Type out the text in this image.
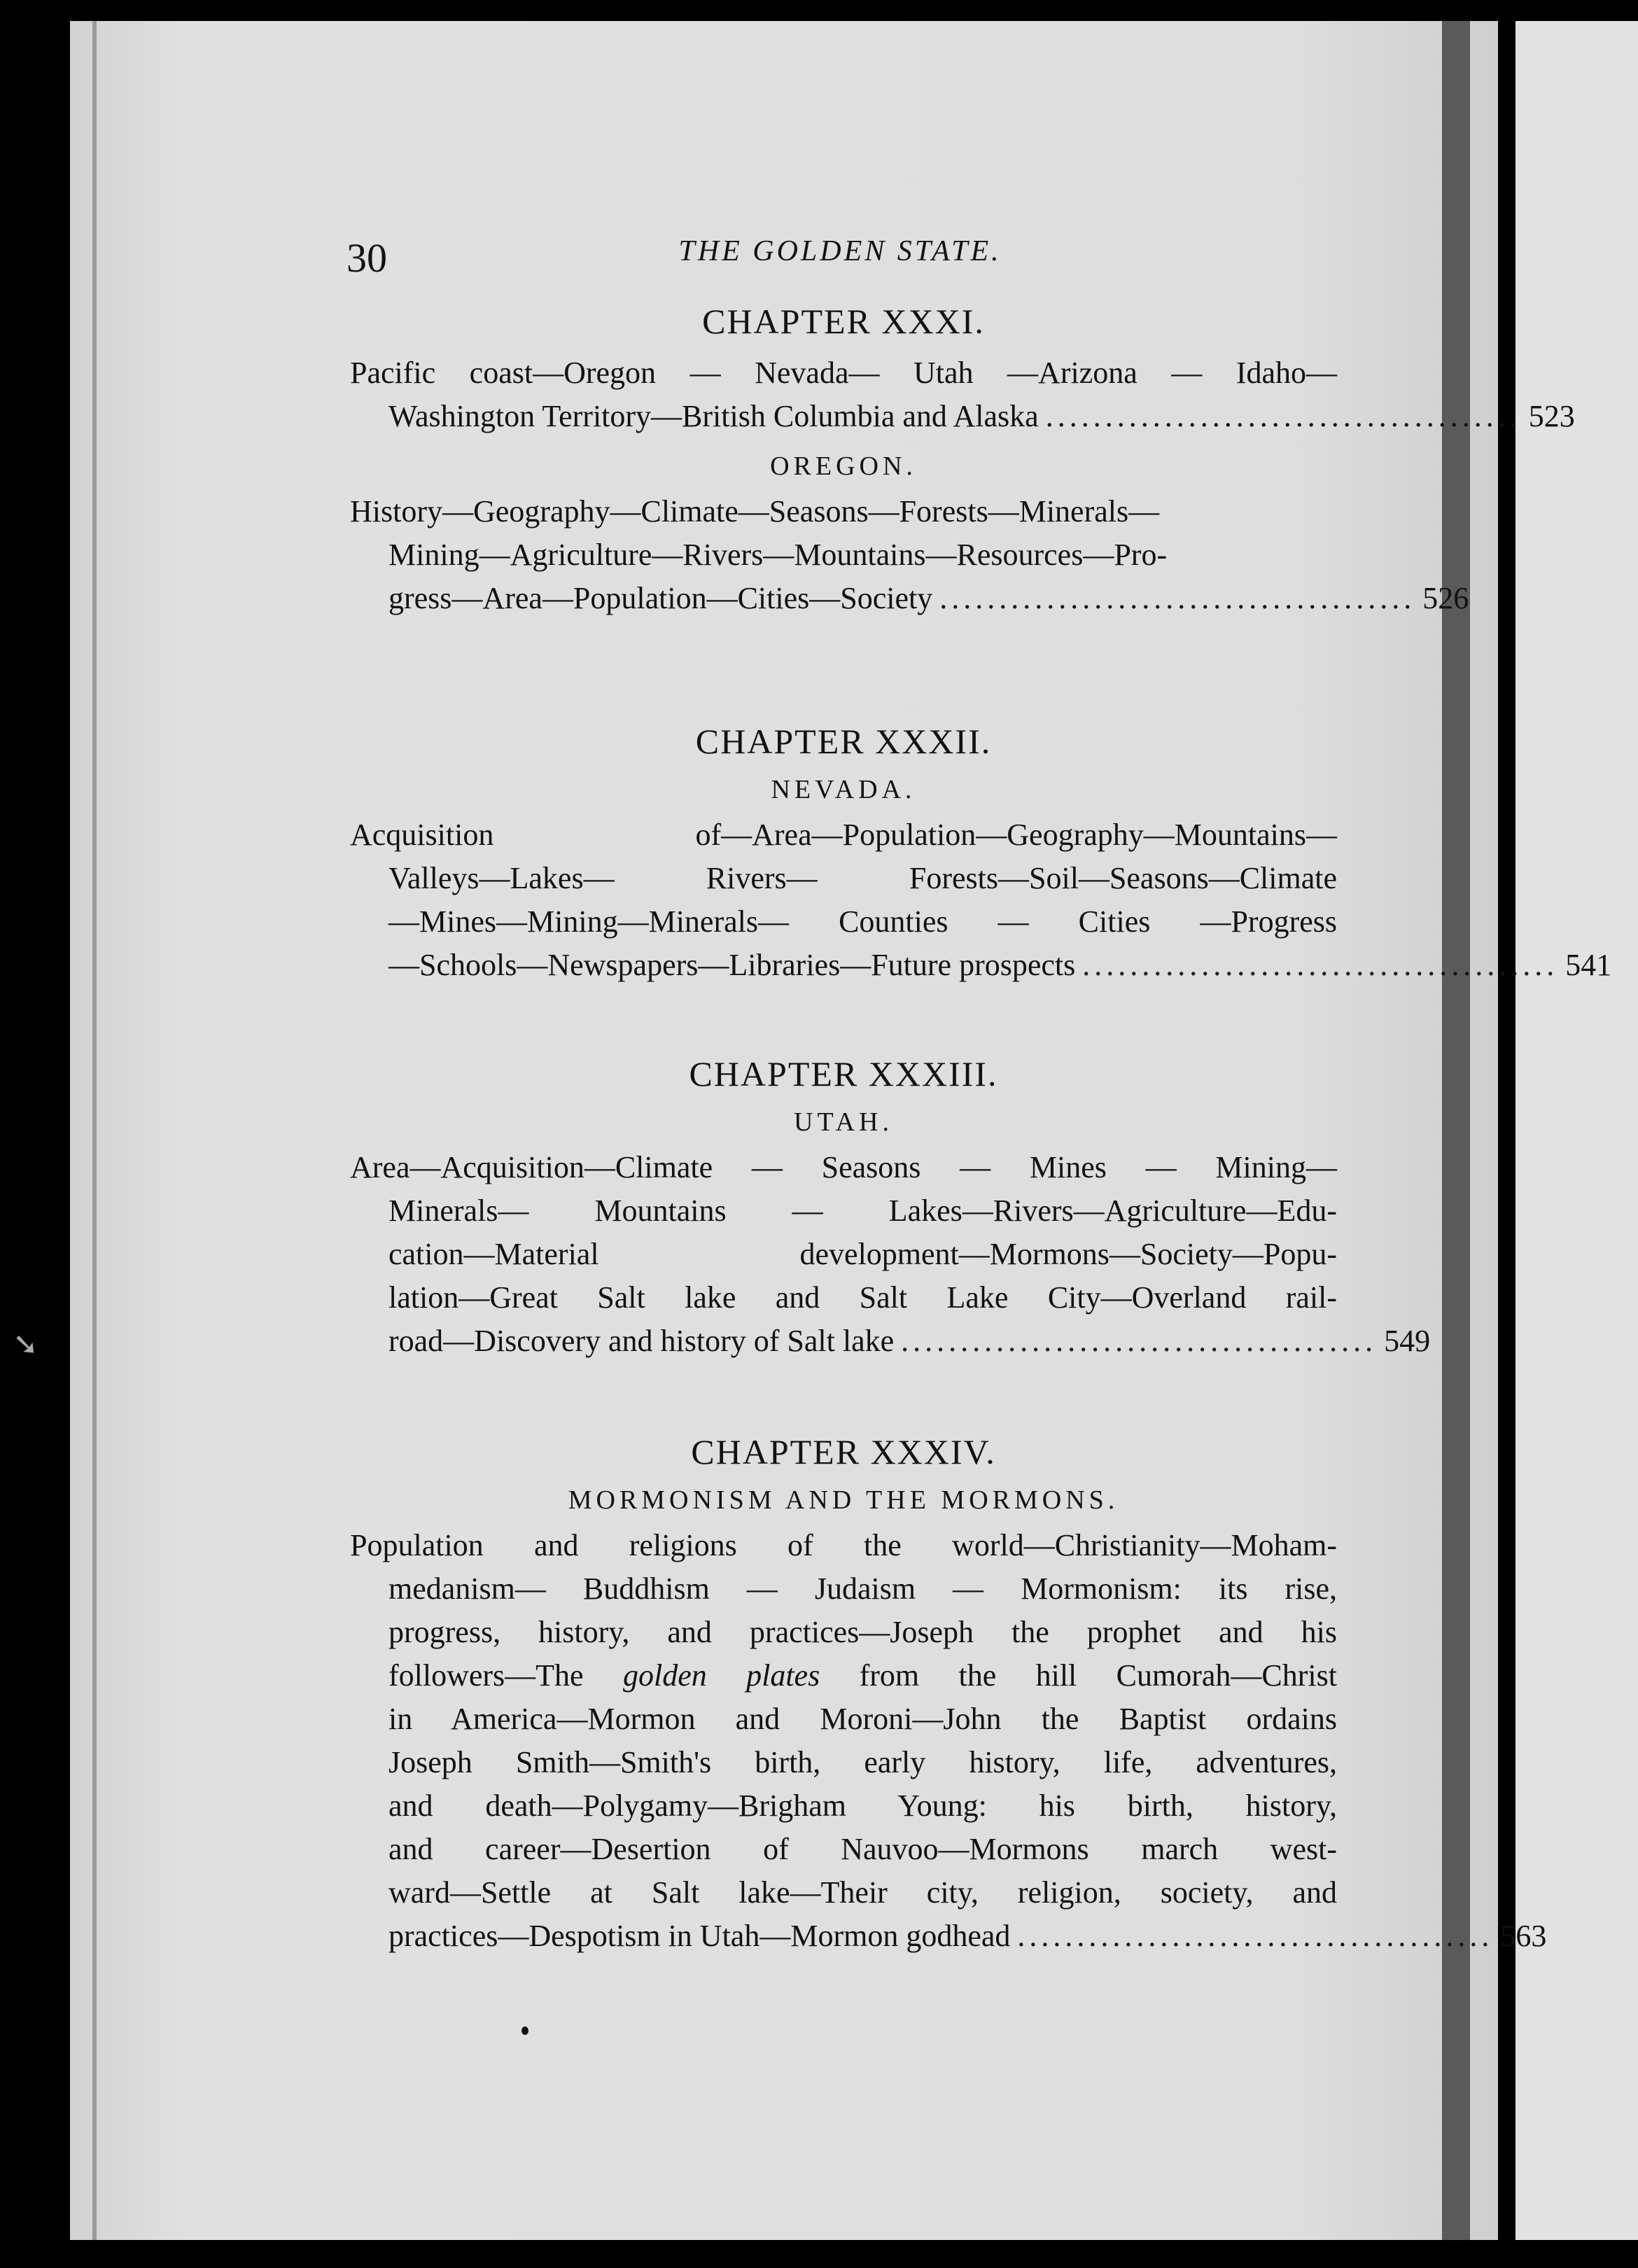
➘
30	THE GOLDEN STATE.
CHAPTER XXXI.
Pacific coast—Oregon — Nevada— Utah —Arizona — Idaho—
Washington Territory—British Columbia and Alaska ........................................ 523
OREGON.
History—Geography—Climate—Seasons—Forests—Minerals—
Mining—Agriculture—Rivers—Mountains—Resources—Pro-
gress—Area—Population—Cities—Society ........................................ 526
CHAPTER XXXII.
NEVADA.
Acquisition of—Area—Population—Geography—Mountains—
Valleys—Lakes— Rivers— Forests—Soil—Seasons—Climate
—Mines—Mining—Minerals— Counties — Cities —Progress
—Schools—Newspapers—Libraries—Future prospects ........................................ 541
CHAPTER XXXIII.
UTAH.
Area—Acquisition—Climate — Seasons — Mines — Mining—
Minerals— Mountains — Lakes—Rivers—Agriculture—Edu-
cation—Material development—Mormons—Society—Popu-
lation—Great Salt lake and Salt Lake City—Overland rail-
road—Discovery and history of Salt lake ........................................ 549
CHAPTER XXXIV.
MORMONISM AND THE MORMONS.
Population and religions of the world—Christianity—Moham-
medanism— Buddhism — Judaism — Mormonism: its rise,
progress, history, and practices—Joseph the prophet and his
followers—The golden plates from the hill Cumorah—Christ
in America—Mormon and Moroni—John the Baptist ordains
Joseph Smith—Smith's birth, early history, life, adventures,
and death—Polygamy—Brigham Young: his birth, history,
and career—Desertion of Nauvoo—Mormons march west-
ward—Settle at Salt lake—Their city, religion, society, and
practices—Despotism in Utah—Mormon godhead ........................................ 563
